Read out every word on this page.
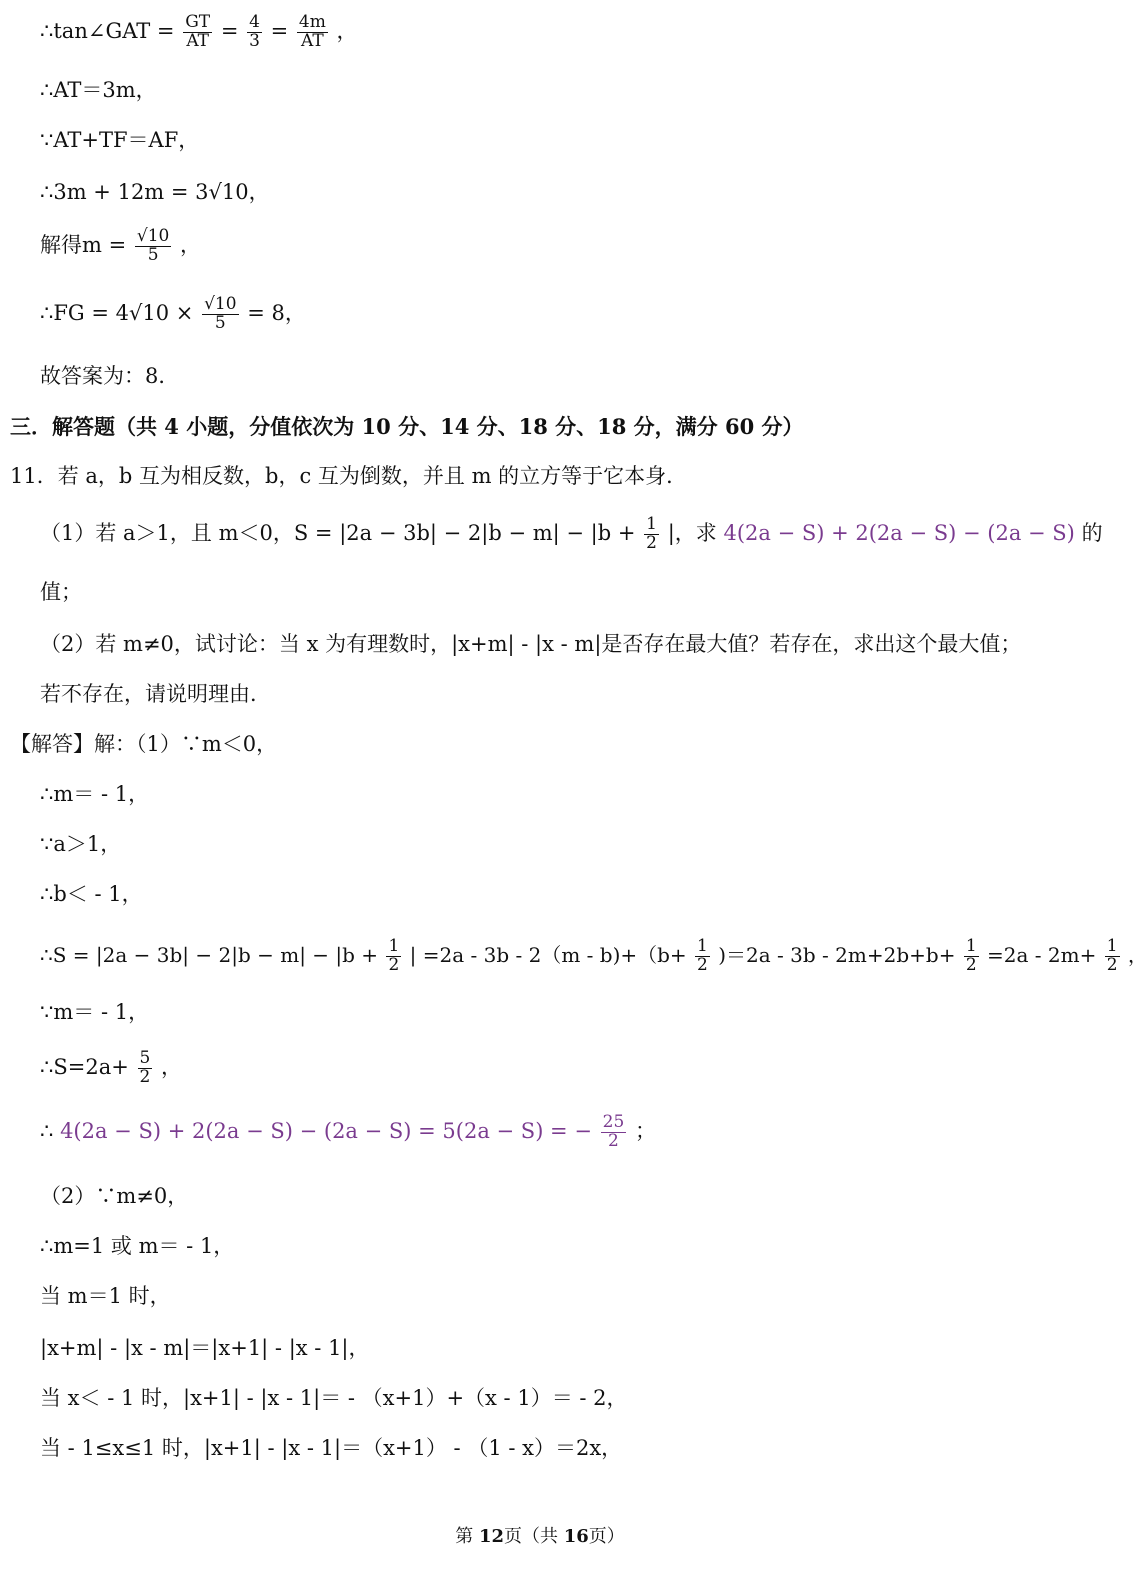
∴tan∠GAT = $\frac{GT}{AT} = \frac{4}{3} = \frac{4m}{AT}$ ，
∴AT＝3m，
∵AT+TF＝AF，
∴3m + 12m = 3√10，
解得$m = \frac{√10}{5}$ ，
∴FG = $4√10 \times \frac{√10}{5} = 8$，
故答案为：8．
三．解答题（共 4 小题，分值依次为 10 分、14 分、18 分、18 分，满分 60 分）
11．若 a，b 互为相反数，b，c 互为倒数，并且 m 的立方等于它本身．
（1）若 a＞1，且 m＜0，$S = |2a - 3b| - 2|b - m| - |b + \frac{1}{2}$ |，求 4(2a − S) + 2(2a − S) − (2a − S) 的
值；
（2）若 m≠0，试讨论：当 x 为有理数时，|x+m| - |x - m|是否存在最大值？若存在，求出这个最大值；
若不存在，请说明理由．
【解答】解：（1）∵m＜0，
∴m＝ - 1，
∵a＞1，
∴b＜ - 1，
∴S = $|2a - 3b| - 2|b - m| - |b + \frac{1}{2}$ | $=2a - 3b - 2(m - b)+(b+ \frac{1}{2} )=2a - 3b - 2m+2b+b+ \frac{1}{2} =2a - 2m+ \frac{1}{2}$ ，
∵m＝ - 1，
∴S=2a+ $\frac{5}{2}$ ，
∴ 4(2a − S) + 2(2a − S) − (2a − S) = 5(2a − S) = − $\frac{25}{2}$ ；
（2）∵m≠0，
∴m=1 或 m＝ - 1，
当 m＝1 时，
|x+m| - |x - m|＝|x+1| - |x - 1|，
当 x＜ - 1 时，|x+1| - |x - 1|＝ - （x+1）+（x - 1）＝ - 2，
当 - 1≤x≤1 时，|x+1| - |x - 1|＝（x+1） - （1 - x）＝2x，
第 12页（共 16页）
